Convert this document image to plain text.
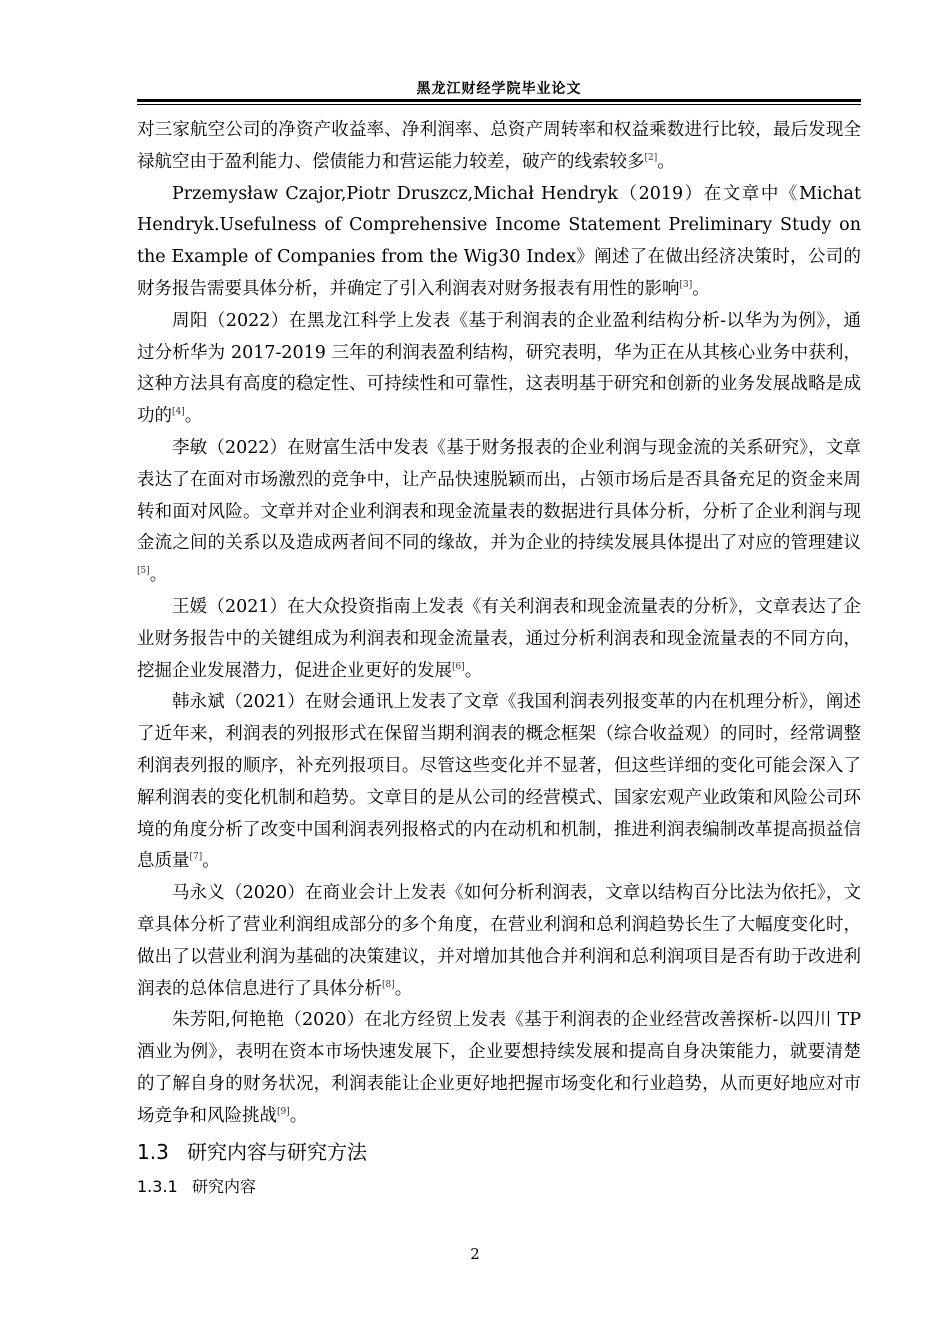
黑龙江财经学院毕业论文

对三家航空公司的净资产收益率、净利润率、总资产周转率和权益乘数进行比较，最后发现全禄航空由于盈利能力、偿债能力和营运能力较差，破产的线索较多[2]。

Przemysław Czajor,Piotr Druszcz,Michał Hendryk（2019）在文章中《Michat Hendryk.Usefulness of Comprehensive Income Statement Preliminary Study on the Example of Companies from the Wig30 Index》阐述了在做出经济决策时，公司的财务报告需要具体分析，并确定了引入利润表对财务报表有用性的影响[3]。

周阳（2022）在黑龙江科学上发表《基于利润表的企业盈利结构分析-以华为为例》，通过分析华为 2017-2019 三年的利润表盈利结构，研究表明，华为正在从其核心业务中获利，这种方法具有高度的稳定性、可持续性和可靠性，这表明基于研究和创新的业务发展战略是成功的[4]。

李敏（2022）在财富生活中发表《基于财务报表的企业利润与现金流的关系研究》，文章表达了在面对市场激烈的竞争中，让产品快速脱颖而出，占领市场后是否具备充足的资金来周转和面对风险。文章并对企业利润表和现金流量表的数据进行具体分析，分析了企业利润与现金流之间的关系以及造成两者间不同的缘故，并为企业的持续发展具体提出了对应的管理建议[5]。

王媛（2021）在大众投资指南上发表《有关利润表和现金流量表的分析》，文章表达了企业财务报告中的关键组成为利润表和现金流量表，通过分析利润表和现金流量表的不同方向，挖掘企业发展潜力，促进企业更好的发展[6]。

韩永斌（2021）在财会通讯上发表了文章《我国利润表列报变革的内在机理分析》，阐述了近年来，利润表的列报形式在保留当期利润表的概念框架（综合收益观）的同时，经常调整利润表列报的顺序，补充列报项目。尽管这些变化并不显著，但这些详细的变化可能会深入了解利润表的变化机制和趋势。文章目的是从公司的经营模式、国家宏观产业政策和风险公司环境的角度分析了改变中国利润表列报格式的内在动机和机制，推进利润表编制改革提高损益信息质量[7]。

马永义（2020）在商业会计上发表《如何分析利润表，文章以结构百分比法为依托》，文章具体分析了营业利润组成部分的多个角度，在营业利润和总利润趋势长生了大幅度变化时，做出了以营业利润为基础的决策建议，并对增加其他合并利润和总利润项目是否有助于改进利润表的总体信息进行了具体分析[8]。

朱芳阳,何艳艳（2020）在北方经贸上发表《基于利润表的企业经营改善探析-以四川 TP 酒业为例》，表明在资本市场快速发展下，企业要想持续发展和提高自身决策能力，就要清楚的了解自身的财务状况，利润表能让企业更好地把握市场变化和行业趋势，从而更好地应对市场竞争和风险挑战[9]。

1.3 研究内容与研究方法
1.3.1 研究内容
2
